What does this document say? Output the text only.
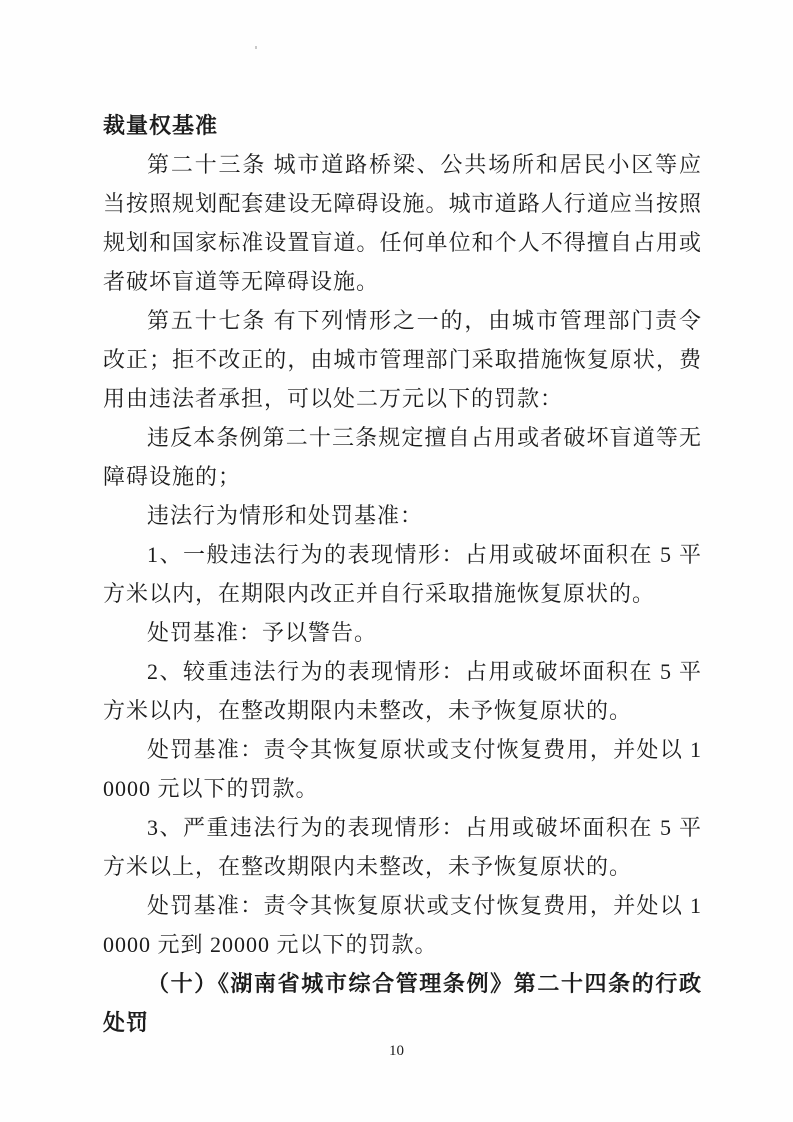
裁量权基准

第二十三条 城市道路桥梁、公共场所和居民小区等应当按照规划配套建设无障碍设施。城市道路人行道应当按照规划和国家标准设置盲道。任何单位和个人不得擅自占用或者破坏盲道等无障碍设施。

第五十七条 有下列情形之一的，由城市管理部门责令改正；拒不改正的，由城市管理部门采取措施恢复原状，费用由违法者承担，可以处二万元以下的罚款：

违反本条例第二十三条规定擅自占用或者破坏盲道等无障碍设施的；

违法行为情形和处罚基准：

1、一般违法行为的表现情形：占用或破坏面积在 5 平方米以内，在期限内改正并自行采取措施恢复原状的。

处罚基准：予以警告。

2、较重违法行为的表现情形：占用或破坏面积在 5 平方米以内，在整改期限内未整改，未予恢复原状的。

处罚基准：责令其恢复原状或支付恢复费用，并处以 10000 元以下的罚款。

3、严重违法行为的表现情形：占用或破坏面积在 5 平方米以上，在整改期限内未整改，未予恢复原状的。

处罚基准：责令其恢复原状或支付恢复费用，并处以 10000 元到 20000 元以下的罚款。

（十）《湖南省城市综合管理条例》第二十四条的行政处罚

10
